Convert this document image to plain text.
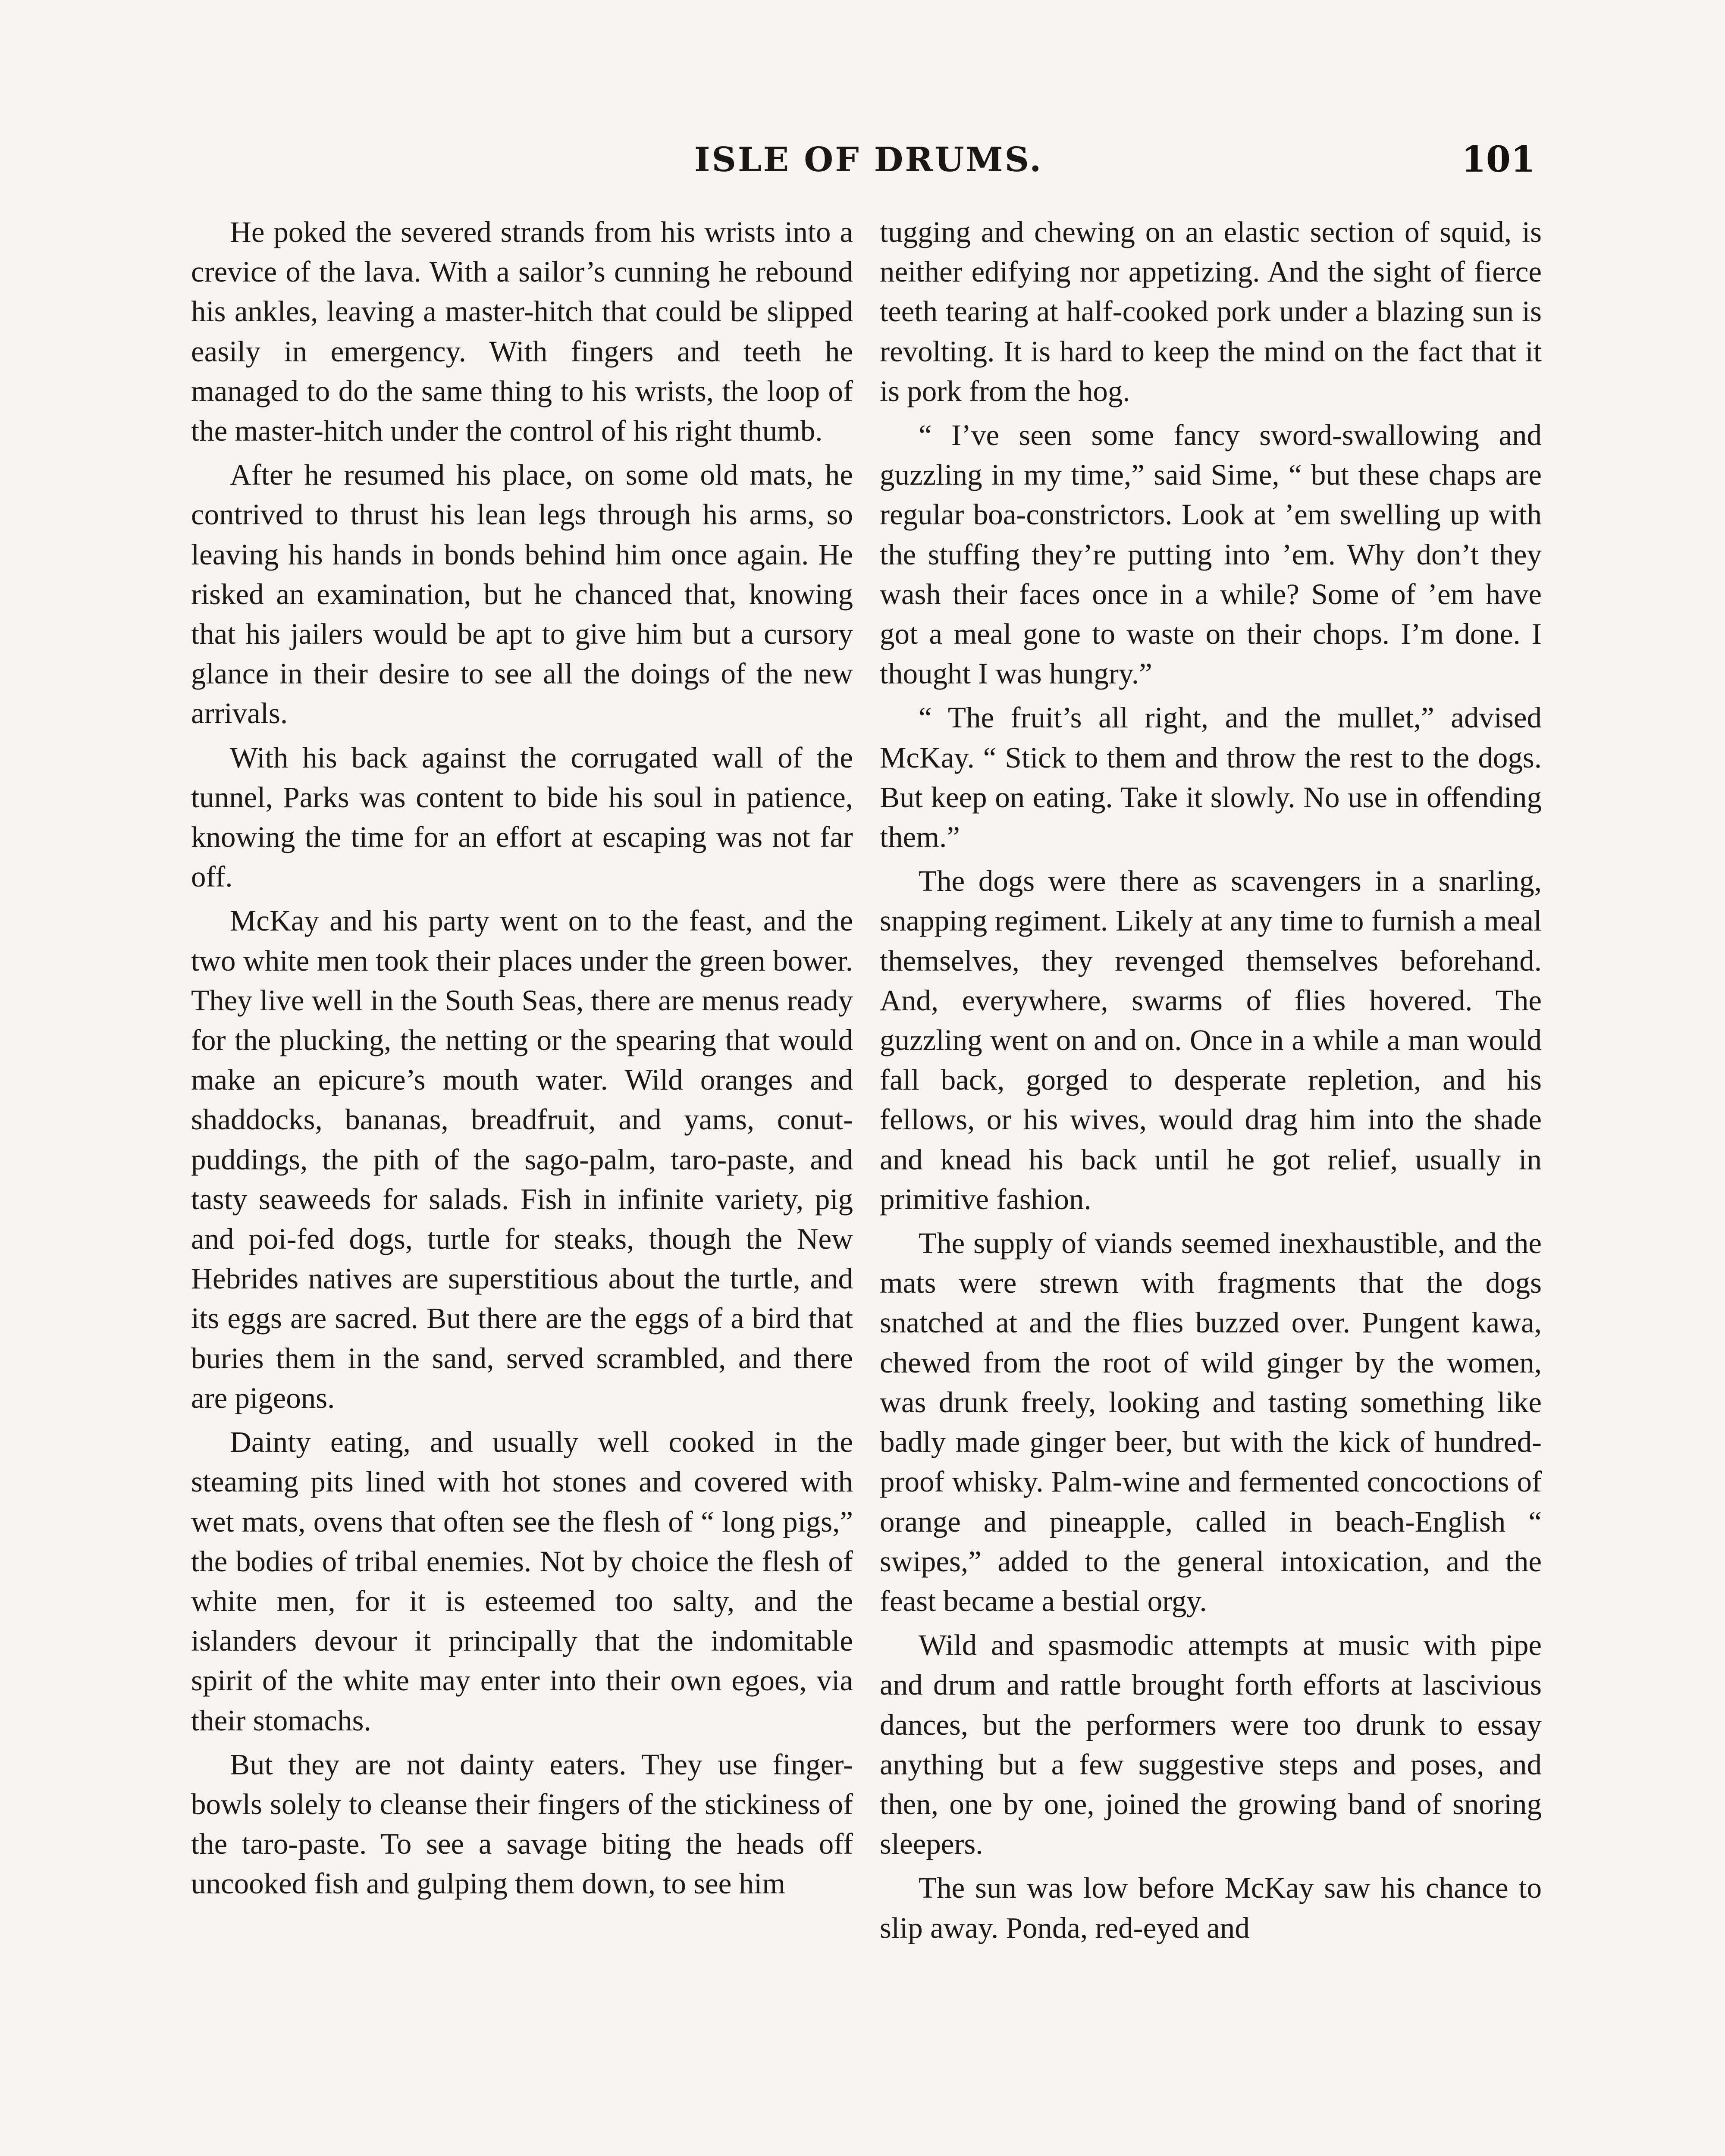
ISLE OF DRUMS.	101

He poked the severed strands from his wrists into a crevice of the lava. With a sailor’s cunning he rebound his ankles, leaving a master-hitch that could be slipped easily in emergency. With fingers and teeth he managed to do the same thing to his wrists, the loop of the master-hitch under the control of his right thumb.

After he resumed his place, on some old mats, he contrived to thrust his lean legs through his arms, so leaving his hands in bonds behind him once again. He risked an examination, but he chanced that, knowing that his jailers would be apt to give him but a cursory glance in their desire to see all the doings of the new arrivals.

With his back against the corrugated wall of the tunnel, Parks was content to bide his soul in patience, knowing the time for an effort at escaping was not far off.

McKay and his party went on to the feast, and the two white men took their places under the green bower. They live well in the South Seas, there are menus ready for the plucking, the netting or the spearing that would make an epicure’s mouth water. Wild oranges and shaddocks, bananas, breadfruit, and yams, conut-puddings, the pith of the sago-palm, taro-paste, and tasty seaweeds for salads. Fish in infinite variety, pig and poi-fed dogs, turtle for steaks, though the New Hebrides natives are superstitious about the turtle, and its eggs are sacred. But there are the eggs of a bird that buries them in the sand, served scrambled, and there are pigeons.

Dainty eating, and usually well cooked in the steaming pits lined with hot stones and covered with wet mats, ovens that often see the flesh of “ long pigs,” the bodies of tribal enemies. Not by choice the flesh of white men, for it is esteemed too salty, and the islanders devour it principally that the indomitable spirit of the white may enter into their own egoes, via their stomachs.

But they are not dainty eaters. They use finger-bowls solely to cleanse their fingers of the stickiness of the taro-paste. To see a savage biting the heads off uncooked fish and gulping them down, to see him

tugging and chewing on an elastic section of squid, is neither edifying nor appetizing. And the sight of fierce teeth tearing at half-cooked pork under a blazing sun is revolting. It is hard to keep the mind on the fact that it is pork from the hog.

“ I’ve seen some fancy sword-swallowing and guzzling in my time,” said Sime, “ but these chaps are regular boa-constrictors. Look at ’em swelling up with the stuffing they’re putting into ’em. Why don’t they wash their faces once in a while? Some of ’em have got a meal gone to waste on their chops. I’m done. I thought I was hungry.”

“ The fruit’s all right, and the mullet,” advised McKay. “ Stick to them and throw the rest to the dogs. But keep on eating. Take it slowly. No use in offending them.”

The dogs were there as scavengers in a snarling, snapping regiment. Likely at any time to furnish a meal themselves, they revenged themselves beforehand. And, everywhere, swarms of flies hovered. The guzzling went on and on. Once in a while a man would fall back, gorged to desperate repletion, and his fellows, or his wives, would drag him into the shade and knead his back until he got relief, usually in primitive fashion.

The supply of viands seemed inexhaustible, and the mats were strewn with fragments that the dogs snatched at and the flies buzzed over. Pungent kawa, chewed from the root of wild ginger by the women, was drunk freely, looking and tasting something like badly made ginger beer, but with the kick of hundred-proof whisky. Palm-wine and fermented concoctions of orange and pineapple, called in beach-English “ swipes,” added to the general intoxication, and the feast became a bestial orgy.

Wild and spasmodic attempts at music with pipe and drum and rattle brought forth efforts at lascivious dances, but the performers were too drunk to essay anything but a few suggestive steps and poses, and then, one by one, joined the growing band of snoring sleepers.

The sun was low before McKay saw his chance to slip away. Ponda, red-eyed and
